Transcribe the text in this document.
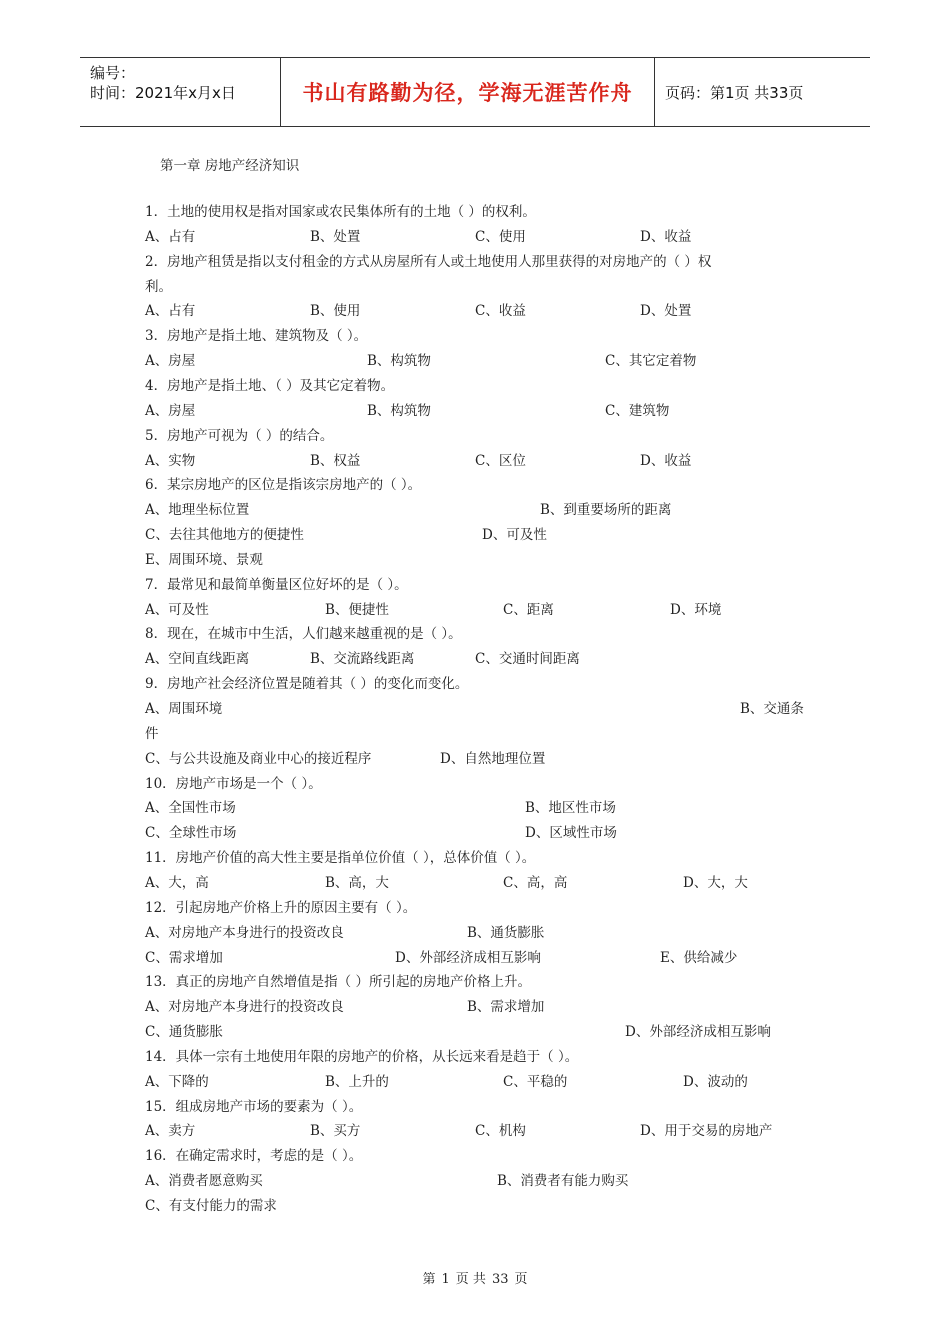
编号：
时间：2021年x月x日	书山有路勤为径，学海无涯苦作舟 页码：第1页 共33页
第一章 房地产经济知识
1．土地的使用权是指对国家或农民集体所有的土地（ ）的权利。
A、占有	B、处置	C、使用	D、收益
2．房地产租赁是指以支付租金的方式从房屋所有人或土地使用人那里获得的对房地产的（ ）权
利。
A、占有	B、使用	C、收益	D、处置
3．房地产是指土地、建筑物及（ ）。
A、房屋	B、构筑物	C、其它定着物
4．房地产是指土地、（ ）及其它定着物。
A、房屋	B、构筑物	C、建筑物
5．房地产可视为（ ）的结合。
A、实物	B、权益	C、区位	D、收益
6．某宗房地产的区位是指该宗房地产的（ ）。
A、地理坐标位置	B、到重要场所的距离
C、去往其他地方的便捷性	D、可及性
E、周围环境、景观
7．最常见和最简单衡量区位好坏的是（ ）。
A、可及性	B、便捷性	C、距离	D、环境
8．现在，在城市中生活，人们越来越重视的是（ ）。
A、空间直线距离	B、交流路线距离	C、交通时间距离
9．房地产社会经济位置是随着其（ ）的变化而变化。
A、周围环境	B、交通条
件
C、与公共设施及商业中心的接近程序	D、自然地理位置
10．房地产市场是一个（ ）。
A、全国性市场	B、地区性市场
C、全球性市场	D、区域性市场
11．房地产价值的高大性主要是指单位价值（ ），总体价值（ ）。
A、大，高	B、高，大	C、高，高	D、大，大
12．引起房地产价格上升的原因主要有（ ）。
A、对房地产本身进行的投资改良	B、通货膨胀
C、需求增加	D、外部经济成相互影响	E、供给减少
13．真正的房地产自然增值是指（ ）所引起的房地产价格上升。
A、对房地产本身进行的投资改良	B、需求增加
C、通货膨胀	D、外部经济成相互影响
14．具体一宗有土地使用年限的房地产的价格，从长远来看是趋于（ ）。
A、下降的	B、上升的	C、平稳的	D、波动的
15．组成房地产市场的要素为（ ）。
A、卖方	B、买方	C、机构	D、用于交易的房地产
16．在确定需求时，考虑的是（ ）。
A、消费者愿意购买	B、消费者有能力购买
C、有支付能力的需求
第 1 页 共 33 页
